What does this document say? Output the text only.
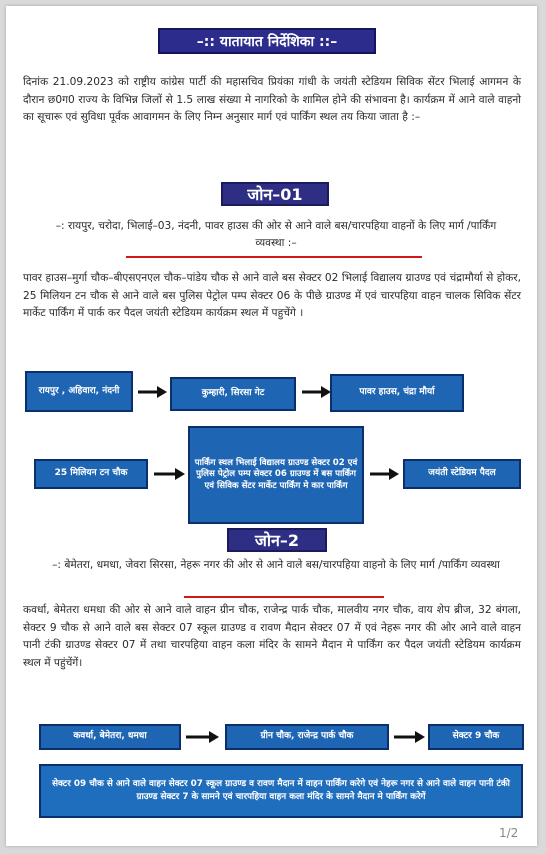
–:: यातायात निर्देशिका ::–

दिनांक 21.09.2023 को राष्ट्रीय कांग्रेस पार्टी की महासचिव प्रियंका गांधी के जयंती स्टेडियम सिविक सेंटर भिलाई आगमन के दौरान छ0ग0 राज्य के विभिन्न जिलों से 1.5 लाख संख्या मे नागरिको के शामिल होने की संभावना है। कार्यक्रम में आने वाले वाहनो का सूचारू एवं सुविधा पूर्वक आवागमन के लिए निम्न अनुसार मार्ग एवं पार्किंग स्थल तय किया जाता है :–

जोन–01

–: रायपुर, चरोदा, भिलाई–03, नंदनी, पावर हाउस की ओर से आने वाले बस/चारपहिया वाहनों के लिए मार्ग /पार्किंग व्यवस्था :–

पावर हाउस–मुर्गा चौक–बीएसएनएल चौक–पांडेय चौक से आने वाले बस सेक्टर 02 भिलाई विद्यालय ग्राउण्ड एवं चंद्रामौर्या से होकर, 25 मिलियन टन चौक से आने वाले बस पुलिस पेट्रोल पम्प सेक्टर 06 के पीछे ग्राउण्ड में एवं चारपहिया वाहन चालक सिविक सेंटर मार्केट पार्किंग में पार्क कर पैदल जयंती स्टेडियम कार्यक्रम स्थल में पहुचेंगे ।

रायपुर , अहिवारा, नंदनी	कुम्हारी, सिरसा गेट	पावर हाउस, चंद्रा मौर्या
25 मिलियन टन चौक
पार्किंग स्थल भिलाई विद्यालय ग्राउण्ड सेक्टर 02 एवं पुलिस पेट्रोल पम्प सेक्टर 06 ग्राउण्ड में बस पार्किंग एवं सिविक सेंटर मार्केट पार्किंग मे कार पार्किंग
जयंती स्टेडियम पैदल
जोन–2

–: बेमेतरा, धमधा, जेवरा सिरसा, नेहरू नगर की ओर से आने वाले बस/चारपहिया वाहनो के लिए मार्ग /पार्किंग व्यवस्था

कवर्धा, बेमेतरा धमधा की ओर से आने वाले वाहन ग्रीन चौक, राजेन्द्र पार्क चौक, मालवीय नगर चौक, वाय शेप ब्रीज, 32 बंगला, सेक्टर 9 चौक से आने वाले बस सेक्टर 07 स्कूल ग्राउण्ड व रावण मैदान सेक्टर 07 में एवं नेहरू नगर की ओर आने वाले वाहन पानी टंकी ग्राउण्ड सेक्टर 07 में तथा चारपहिया वाहन कला मंदिर के सामने मैदान मे पार्किंग कर पैदल जयंती स्टेडियम कार्यक्रम स्थल में पहुंचेंगें।

कवर्धा, बेमेतरा, धमधा	ग्रीन चौक, राजेन्द्र पार्क चौक	सेक्टर 9 चौक
सेक्टर 09 चौक से आने वाले वाहन सेक्टर 07 स्कूल ग्राउण्ड व रावण मैदान में वाहन पार्किंग करेगे एवं नेहरू नगर से आने वाले वाहन पानी टंकी ग्राउण्ड सेक्टर 7 के सामने एवं चारपहिया वाहन कला मंदिर के सामने मैदान मे पार्किंग करेगें
1/2
